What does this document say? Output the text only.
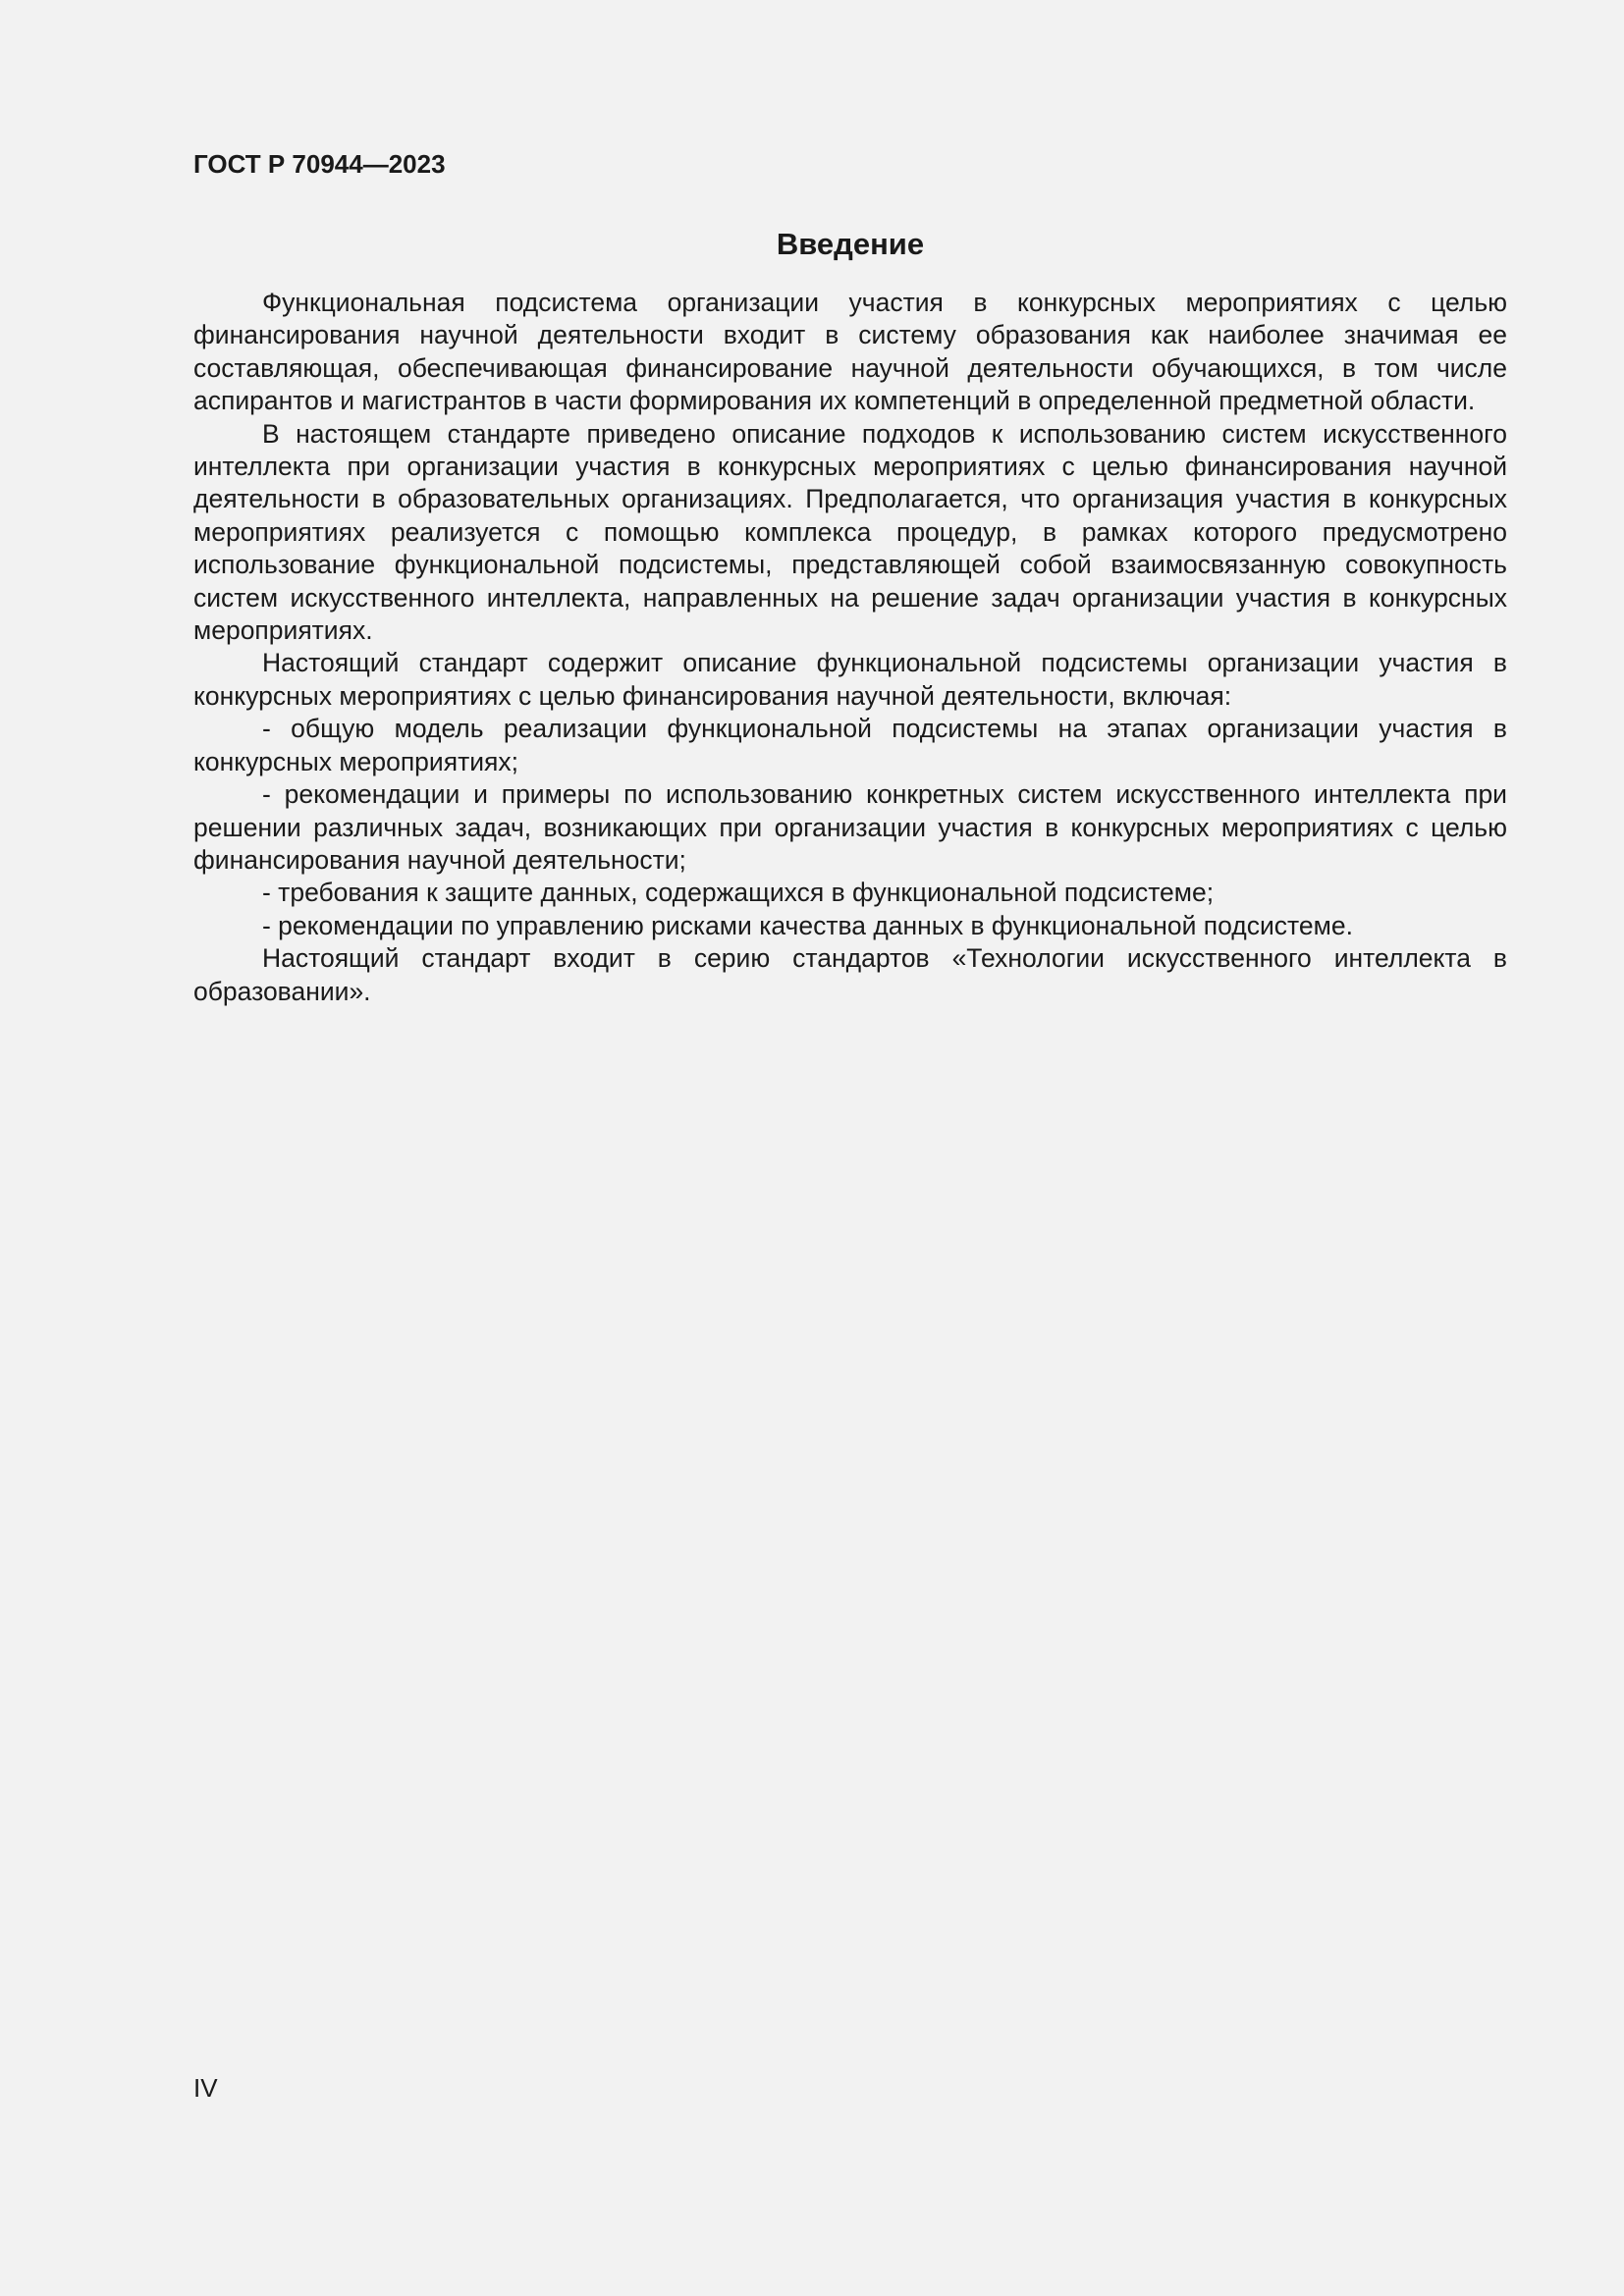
ГОСТ Р 70944—2023
Введение

Функциональная подсистема организации участия в конкурсных мероприятиях с целью финансирования научной деятельности входит в систему образования как наиболее значимая ее составляющая, обеспечивающая финансирование научной деятельности обучающихся, в том числе аспирантов и магистрантов в части формирования их компетенций в определенной предметной области.

В настоящем стандарте приведено описание подходов к использованию систем искусственного интеллекта при организации участия в конкурсных мероприятиях с целью финансирования научной деятельности в образовательных организациях. Предполагается, что организация участия в конкурсных мероприятиях реализуется с помощью комплекса процедур, в рамках которого предусмотрено использование функциональной подсистемы, представляющей собой взаимосвязанную совокупность систем искусственного интеллекта, направленных на решение задач организации участия в конкурсных мероприятиях.

Настоящий стандарт содержит описание функциональной подсистемы организации участия в конкурсных мероприятиях с целью финансирования научной деятельности, включая:

- общую модель реализации функциональной подсистемы на этапах организации участия в конкурсных мероприятиях;

- рекомендации и примеры по использованию конкретных систем искусственного интеллекта при решении различных задач, возникающих при организации участия в конкурсных мероприятиях с целью финансирования научной деятельности;

- требования к защите данных, содержащихся в функциональной подсистеме;

- рекомендации по управлению рисками качества данных в функциональной подсистеме.

Настоящий стандарт входит в серию стандартов «Технологии искусственного интеллекта в образовании».

IV
